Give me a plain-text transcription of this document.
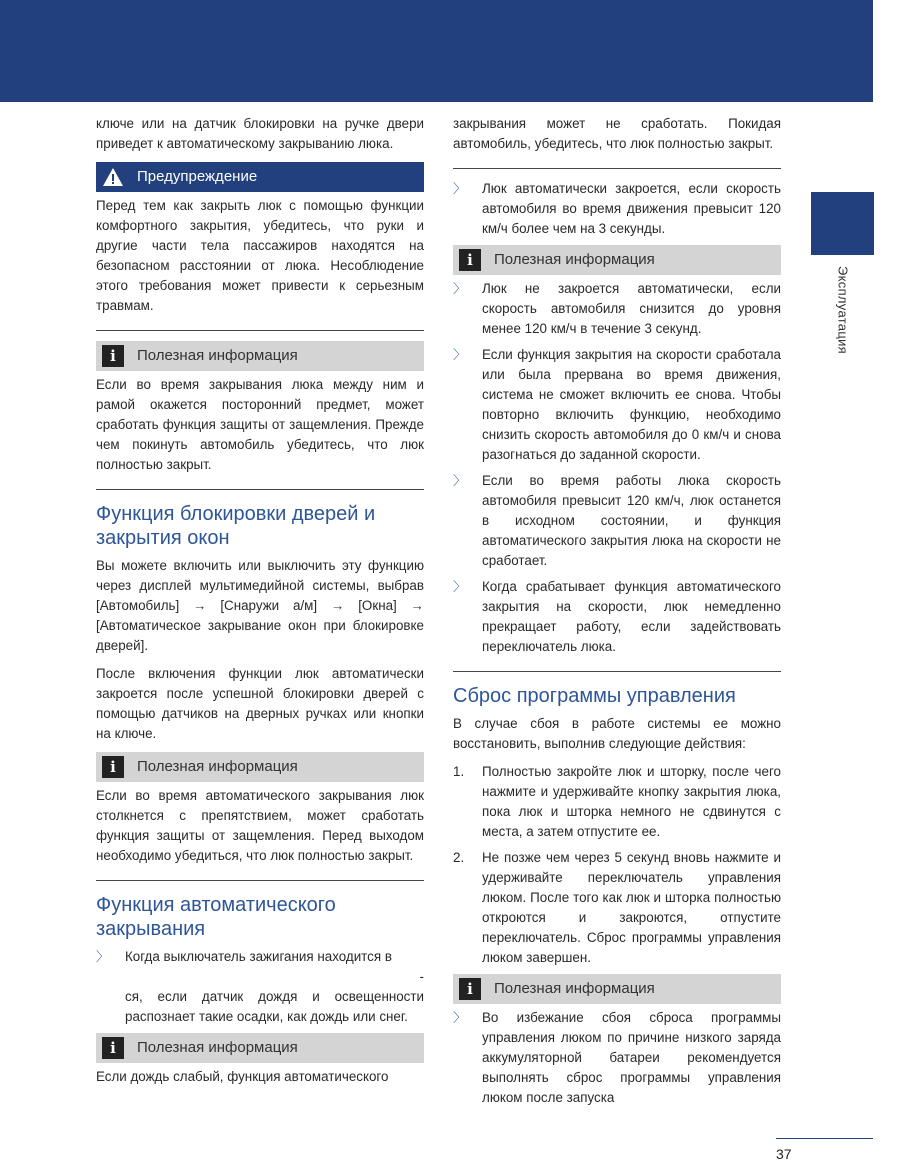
Эксплуатация

ключе или на датчик блокировки на ручке двери приведет к автоматическому закрыванию люка.

Предупреждение

Перед тем как закрыть люк с помощью функции комфортного закрытия, убедитесь, что руки и другие части тела пассажиров находятся на безопасном расстоянии от люка. Несоблюдение этого требования может привести к серьезным травмам.

i	Полезная информация

Если во время закрывания люка между ним и рамой окажется посторонний предмет, может сработать функция защиты от защемления. Прежде чем покинуть автомобиль убедитесь, что люк полностью закрыт.

Функция блокировки дверей и закрытия окон

Вы можете включить или выключить эту функцию через дисплей мультимедийной системы, выбрав [Автомобиль] → [Снаружи а/м] → [Окна] → [Автоматическое закрывание окон при блокировке дверей].

После включения функции люк автоматически закроется после успешной блокировки дверей с помощью датчиков на дверных ручках или кнопки на ключе.

i	Полезная информация

Если во время автоматического закрывания люк столкнется с препятствием, может сработать функция защиты от защемления. Перед выходом необходимо убедиться, что люк полностью закрыт.

Функция автоматического закрывания
〉 Когда выключатель зажигания находится в
-
ся, если датчик дождя и освещенности распознает такие осадки, как дождь или снег.
i	Полезная информация

Если дождь слабый, функция автоматического

закрывания может не сработать. Покидая автомобиль, убедитесь, что люк полностью закрыт.

〉 Люк автоматически закроется, если скорость автомобиля во время движения превысит 120 км/ч более чем на 3 секунды.
i	Полезная информация
〉 Люк не закроется автоматически, если скорость автомобиля снизится до уровня менее 120 км/ч в течение 3 секунд.
〉 Если функция закрытия на скорости сработала или была прервана во время движения, система не сможет включить ее снова. Чтобы повторно включить функцию, необходимо снизить скорость автомобиля до 0 км/ч и снова разогнаться до заданной скорости.
〉 Если во время работы люка скорость автомобиля превысит 120 км/ч, люк останется в исходном состоянии, и функция автоматического закрытия люка на скорости не сработает.
〉 Когда срабатывает функция автоматического закрытия на скорости, люк немедленно прекращает работу, если задействовать переключатель люка.
Сброс программы управления

В случае сбоя в работе системы ее можно восстановить, выполнив следующие действия:

1. Полностью закройте люк и шторку, после чего нажмите и удерживайте кнопку закрытия люка, пока люк и шторка немного не сдвинутся с места, а затем отпустите ее.
2. Не позже чем через 5 секунд вновь нажмите и удерживайте переключатель управления люком. После того как люк и шторка полностью откроются и закроются, отпустите переключатель. Сброс программы управления люком завершен.
i	Полезная информация
〉 Во избежание сбоя сброса программы управления люком по причине низкого заряда аккумуляторной батареи рекомендуется выполнять сброс программы управления люком после запуска
37
